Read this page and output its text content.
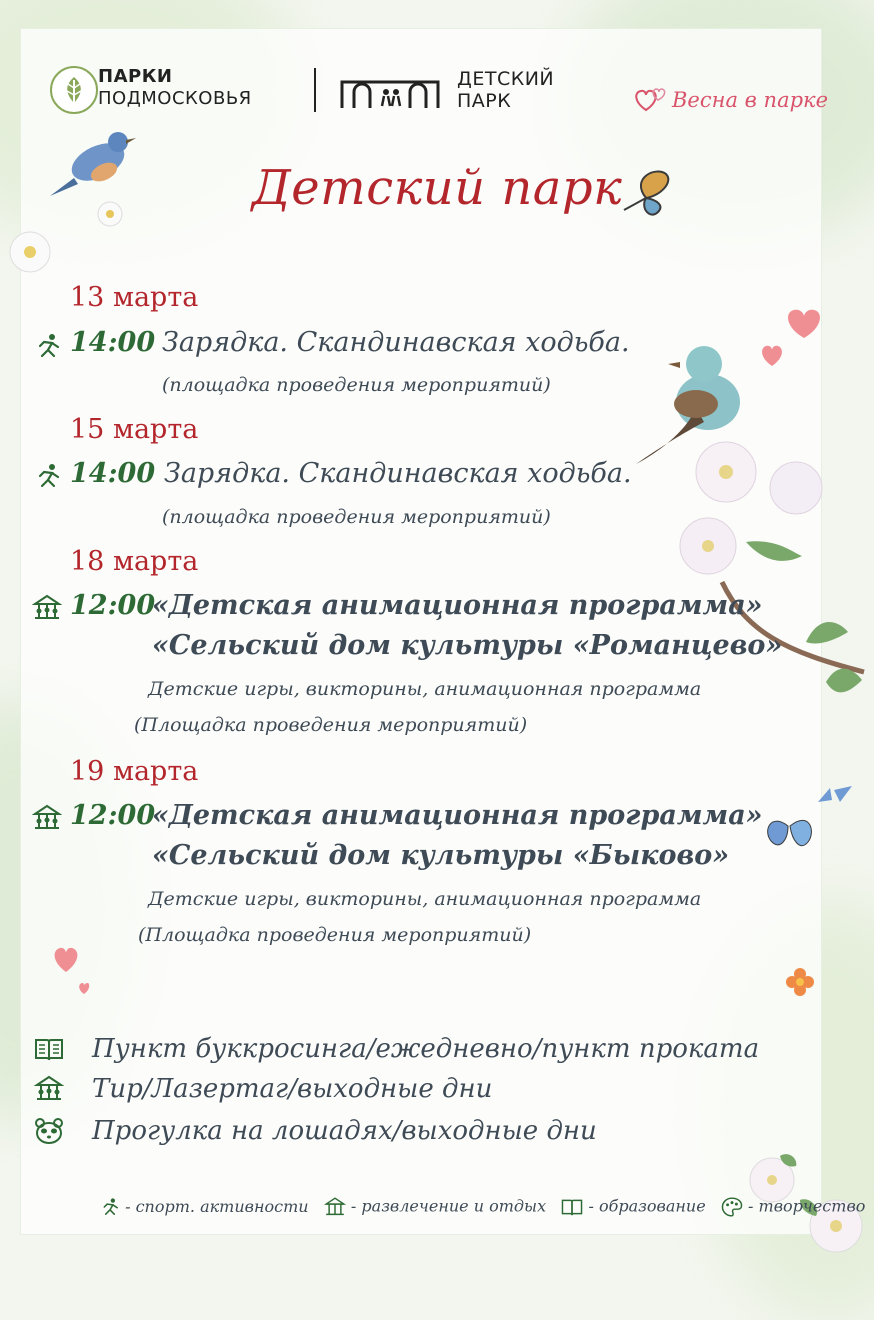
ПАРКИ
ПОДМОСКОВЬЯ
ДЕТСКИЙ
ПАРК	Весна в парке
Детский парк
13 марта
14:00 Зарядка. Скандинавская ходьба.
(площадка проведения мероприятий)
15 марта
14:00 Зарядка. Скандинавская ходьба.
(площадка проведения мероприятий)
18 марта
12:00
«Детская анимационная программа»
«Сельский дом культуры «Романцево»
Детские игры, викторины, анимационная программа
(Площадка проведения мероприятий)
19 марта
12:00
«Детская анимационная программа»
«Сельский дом культуры «Быково»
Детские игры, викторины, анимационная программа
(Площадка проведения мероприятий)
Пункт буккросинга/ежедневно/пункт проката
Тир/Лазертаг/выходные дни
Прогулка на лошадях/выходные дни
- спорт. активности	- развлечение и отдых	- образование	- творчество
